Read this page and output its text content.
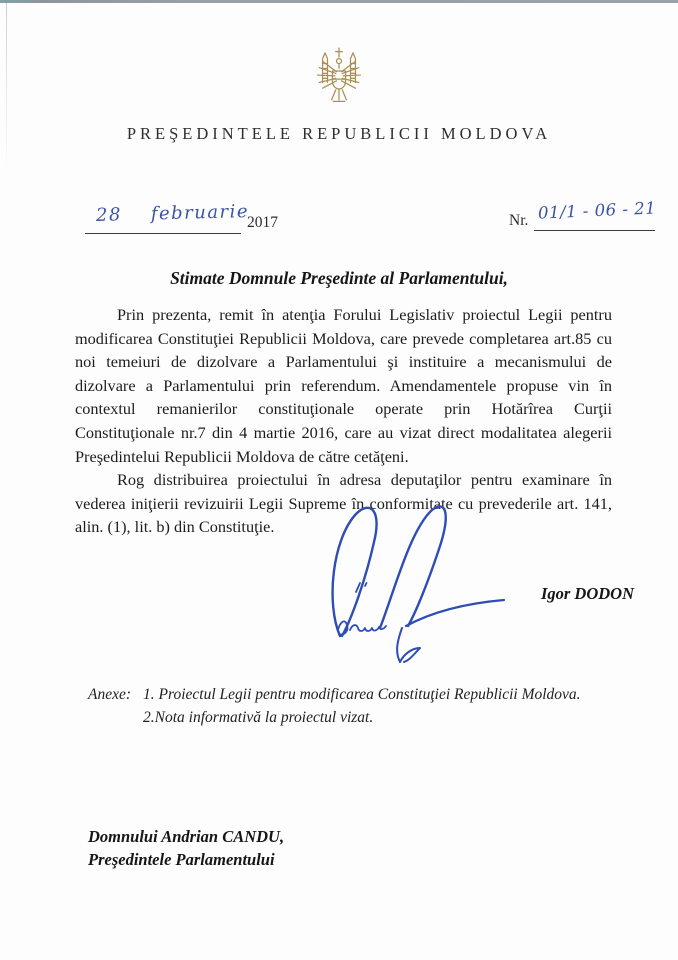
PREŞEDINTELE REPUBLICII MOLDOVA
28    februarie
2017	Nr. 01/1 - 06 - 21
Stimate Domnule Preşedinte al Parlamentului,

Prin prezenta, remit în atenţia Forului Legislativ proiectul Legii pentru modificarea Constituţiei Republicii Moldova, care prevede completarea art.85 cu noi temeiuri de dizolvare a Parlamentului şi instituire a mecanismului de dizolvare a Parlamentului prin referendum. Amendamentele propuse vin în contextul remanierilor constituţionale operate prin Hotărîrea Curţii Constituţionale nr.7 din 4 martie 2016, care au vizat direct modalitatea alegerii Preşedintelui Republicii Moldova de către cetăţeni.

Rog distribuirea proiectului în adresa deputaţilor pentru examinare în vederea iniţierii revizuirii Legii Supreme în conformitate cu prevederile art. 141, alin. (1), lit. b) din Constituţie.

Igor DODON
Anexe: 1. Proiectul Legii pentru modificarea Constituţiei Republicii Moldova.
2.Nota informativă la proiectul vizat.
Domnului Andrian CANDU,
Preşedintele Parlamentului
